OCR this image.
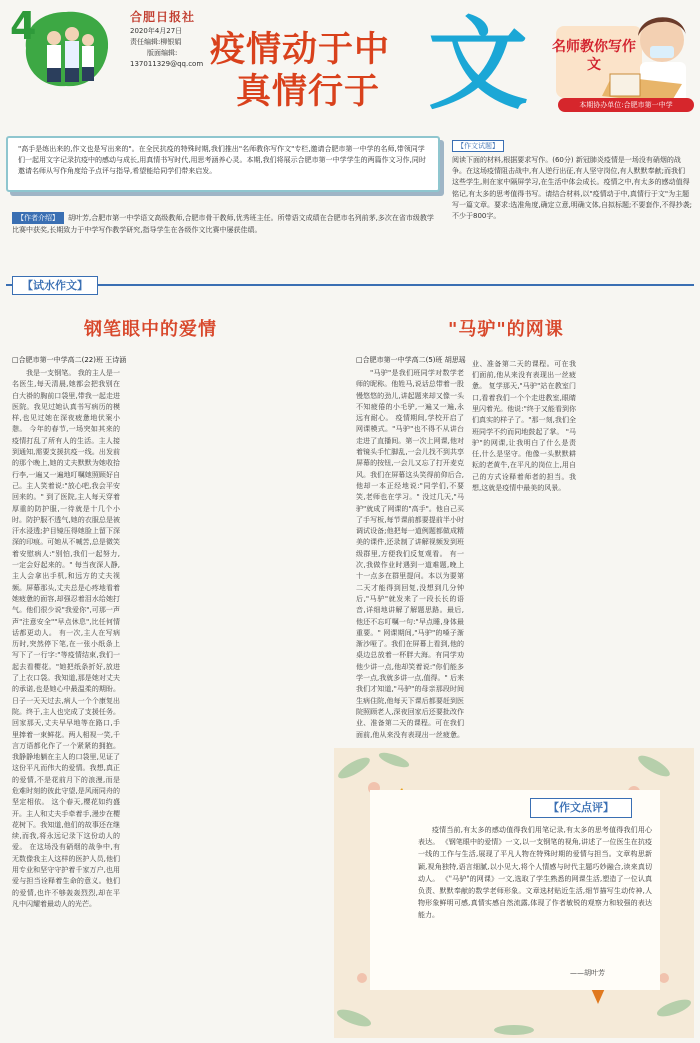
4	合肥日报社
2020年4月27日
责任编辑:柳银娟
版面编辑:
137011329@qq.com 疫情动于中
真情行于 文 名师教你写作文
本期协办单位:合肥市第一中学
"高手是练出来的,作文也是写出来的"。在全民抗疫的特殊时期,我们推出"名师教你写作文"专栏,邀请合肥市第一中学的名师,带领同学们一起用文字记录抗疫中的感动与成长,用真情书写时代,用思考涵养心灵。本期,我们将展示合肥市第一中学学生的两篇作文习作,同时邀请名师从写作角度给予点评与指导,希望能给同学们带来启发。
胡叶芳,合肥市第一中学语文高级教师,合肥市骨干教师,优秀班主任。所带语文成绩在合肥市名列前茅,多次在省市级教学比赛中获奖,长期致力于中学写作教学研究,指导学生在各级作文比赛中屡获佳绩。
【作者介绍】
【作文试题】
阅读下面的材料,根据要求写作。(60分) 新冠肺炎疫情是一场没有硝烟的战争。在这场疫情阻击战中,有人逆行出征,有人坚守岗位,有人默默奉献;而我们这些学生,则在家中隔屏学习,在生活中体会成长。疫情之中,有太多的感动值得铭记,有太多的思考值得书写。请结合材料,以"疫情动于中,真情行于文"为主题写一篇文章。要求:选准角度,确定立意,明确文体,自拟标题;不要套作,不得抄袭;不少于800字。
【试水作文】
钢笔眼中的爱情
□合肥市第一中学高二(22)班 王诗涵

我是一支钢笔。 我的主人是一名医生,每天清晨,她都会把我别在白大褂的胸前口袋里,带我一起走进医院。我见过她认真书写病历的模样,也见过她在深夜疲惫地伏案小憩。 今年的春节,一场突如其来的疫情打乱了所有人的生活。主人接到通知,需要支援抗疫一线。出发前的那个晚上,她的丈夫默默为她收拾行李,一遍又一遍地叮嘱她照顾好自己。主人笑着说:"放心吧,我会平安回来的。" 到了医院,主人每天穿着厚重的防护服,一待就是十几个小时。防护服不透气,她的衣服总是被汗水浸透;护目镜压得她脸上留下深深的印痕。可她从不喊苦,总是微笑着安慰病人:"别怕,我们一起努力,一定会好起来的。" 每当夜深人静,主人会拿出手机,和远方的丈夫视频。屏幕那头,丈夫总是心疼地看着她疲惫的面容,却强忍着泪水给她打气。他们很少说"我爱你",可那一声声"注意安全""早点休息",比任何情话都更动人。 有一次,主人在写病历时,突然停下笔,在一张小纸条上写下了一行字:"等疫情结束,我们一起去看樱花。"她把纸条折好,放进了上衣口袋。我知道,那是她对丈夫的承诺,也是她心中最温柔的期盼。 日子一天天过去,病人一个个康复出院。终于,主人也完成了支援任务。回家那天,丈夫早早地等在路口,手里捧着一束鲜花。两人相视一笑,千言万语都化作了一个紧紧的拥抱。 我静静地躺在主人的口袋里,见证了这份平凡而伟大的爱情。我想,真正的爱情,不是花前月下的浪漫,而是危难时刻的彼此守望,是风雨同舟的坚定相依。 这个春天,樱花如约盛开。主人和丈夫手牵着手,漫步在樱花树下。我知道,他们的故事还在继续,而我,将永远记录下这份动人的爱。 在这场没有硝烟的战争中,有无数像我主人这样的医护人员,他们用专业和坚守守护着千家万户,也用爱与担当诠释着生命的意义。他们的爱情,也许不够轰轰烈烈,却在平凡中闪耀着最动人的光芒。

"马驴"的网课
□合肥市第一中学高二(5)班 胡思瑶

"马驴"是我们班同学对数学老师的昵称。他姓马,说话总带着一股慢悠悠的劲儿,讲起题来却又像一头不知疲倦的小毛驴,一遍又一遍,永远有耐心。 疫情期间,学校开启了网课模式。"马驴"也不得不从讲台走进了直播间。第一次上网课,他对着镜头手忙脚乱,一会儿找不到共享屏幕的按钮,一会儿又忘了打开麦克风。我们在屏幕这头笑得前仰后合,他却一本正经地说:"同学们,不要笑,老师也在学习。" 没过几天,"马驴"就成了网课的"高手"。他自己买了手写板,每节课前都要提前半小时调试设备;他把每一道例题都做成精美的课件,还录制了讲解视频发到班级群里,方便我们反复观看。 有一次,我做作业时遇到一道难题,晚上十一点多在群里提问。本以为要第二天才能得到回复,没想到几分钟后,"马驴"就发来了一段长长的语音,详细地讲解了解题思路。最后,他还不忘叮嘱一句:"早点睡,身体最重要。" 网课期间,"马驴"的嗓子渐渐沙哑了。我们在屏幕上看到,他的桌边总放着一杯胖大海。有同学劝他少讲一点,他却笑着说:"你们能多学一点,我就多讲一点,值得。" 后来我们才知道,"马驴"的母亲那段时间生病住院,他每天下课后都要赶到医院照顾老人,深夜回家后还要批改作业、准备第二天的课程。可在我们面前,他从来没有表现出一丝疲惫。

业、准备第二天的课程。可在我们面前,他从来没有表现出一丝疲惫。 复学那天,"马驴"站在教室门口,看着我们一个个走进教室,眼睛里闪着光。他说:"终于又能看到你们真实的样子了。"那一刻,我们全班同学不约而同地鼓起了掌。 "马驴"的网课,让我明白了什么是责任,什么是坚守。他像一头默默耕耘的老黄牛,在平凡的岗位上,用自己的方式诠释着师者的担当。我想,这就是疫情中最美的风景。

【作文点评】

疫情当前,有太多的感动值得我们用笔记录,有太多的思考值得我们用心表达。 《钢笔眼中的爱情》一文,以一支钢笔的视角,讲述了一位医生在抗疫一线的工作与生活,展现了平凡人物在特殊时期的爱情与担当。文章构思新颖,视角独特,语言细腻,以小见大,将个人情感与时代主题巧妙融合,读来真切动人。 《"马驴"的网课》一文,选取了学生熟悉的网课生活,塑造了一位认真负责、默默奉献的数学老师形象。文章选材贴近生活,细节描写生动传神,人物形象鲜明可感,真情实感自然流露,体现了作者敏锐的观察力和较强的表达能力。

——胡叶芳
